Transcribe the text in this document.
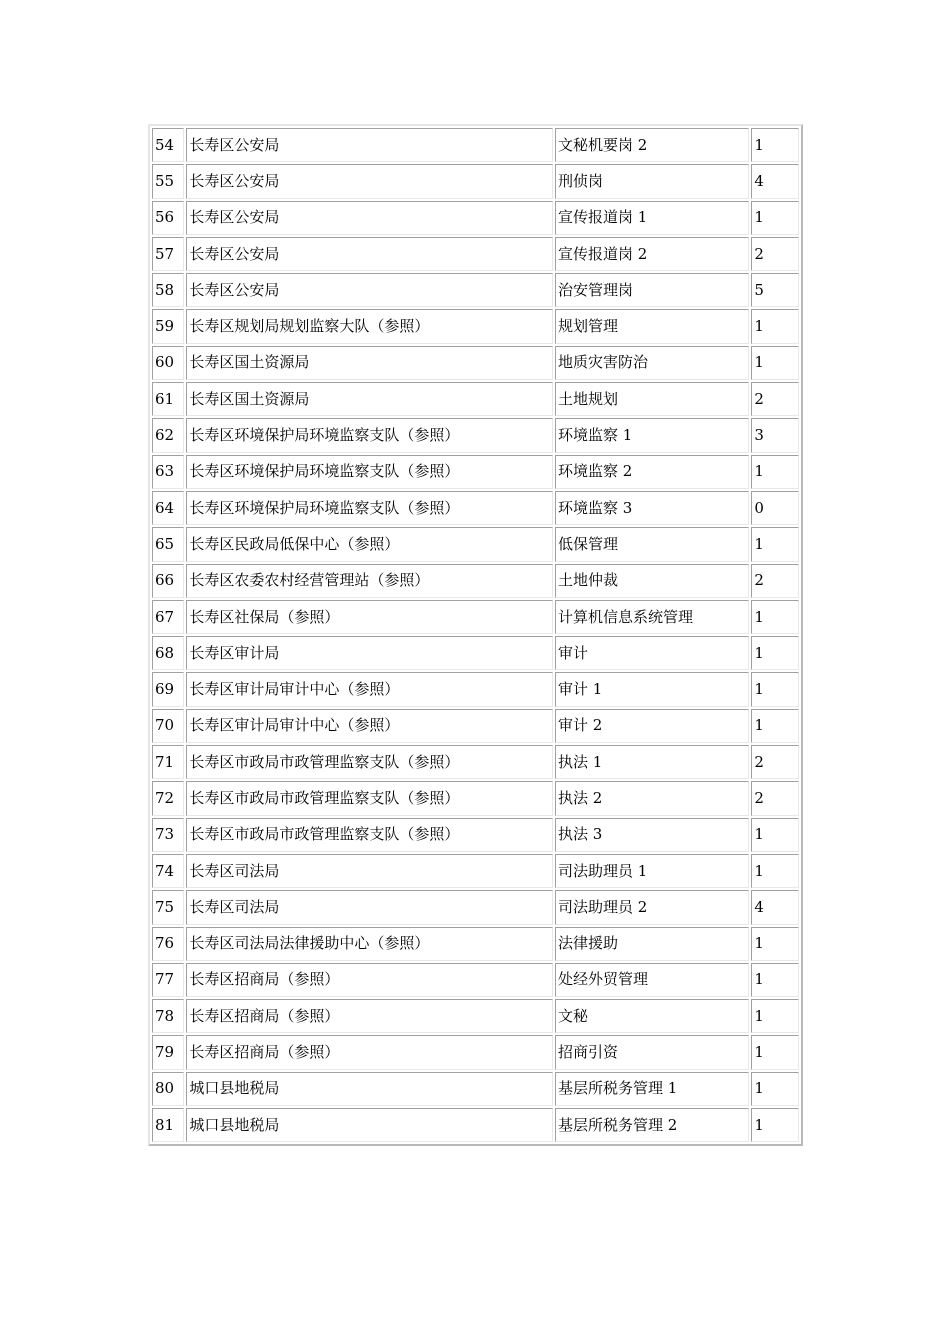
54	长寿区公安局	文秘机要岗 2	1
55	长寿区公安局	刑侦岗	4
56	长寿区公安局	宣传报道岗 1	1
57	长寿区公安局	宣传报道岗 2	2
58	长寿区公安局	治安管理岗	5
59	长寿区规划局规划监察大队（参照）	规划管理	1
60	长寿区国土资源局	地质灾害防治	1
61	长寿区国土资源局	土地规划	2
62	长寿区环境保护局环境监察支队（参照）	环境监察 1	3
63	长寿区环境保护局环境监察支队（参照）	环境监察 2	1
64	长寿区环境保护局环境监察支队（参照）	环境监察 3	0
65	长寿区民政局低保中心（参照）	低保管理	1
66	长寿区农委农村经营管理站（参照）	土地仲裁	2
67	长寿区社保局（参照）	计算机信息系统管理	1
68	长寿区审计局	审计	1
69	长寿区审计局审计中心（参照）	审计 1	1
70	长寿区审计局审计中心（参照）	审计 2	1
71	长寿区市政局市政管理监察支队（参照）	执法 1	2
72	长寿区市政局市政管理监察支队（参照）	执法 2	2
73	长寿区市政局市政管理监察支队（参照）	执法 3	1
74	长寿区司法局	司法助理员 1	1
75	长寿区司法局	司法助理员 2	4
76	长寿区司法局法律援助中心（参照）	法律援助	1
77	长寿区招商局（参照）	处经外贸管理	1
78	长寿区招商局（参照）	文秘	1
79	长寿区招商局（参照）	招商引资	1
80	城口县地税局	基层所税务管理 1	1
81	城口县地税局	基层所税务管理 2	1
